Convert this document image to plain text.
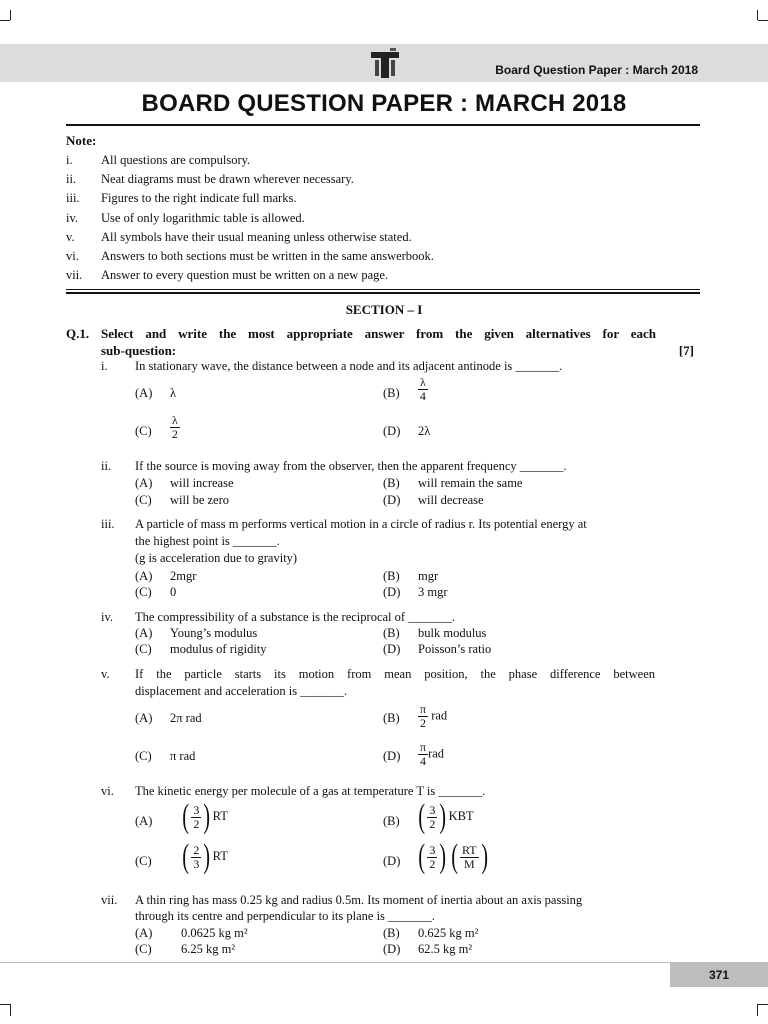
Board Question Paper : March 2018
BOARD QUESTION PAPER : MARCH 2018
Note:
i. All questions are compulsory.
ii. Neat diagrams must be drawn wherever necessary.
iii. Figures to the right indicate full marks.
iv. Use of only logarithmic table is allowed.
v. All symbols have their usual meaning unless otherwise stated.
vi. Answers to both sections must be written in the same answerbook.
vii. Answer to every question must be written on a new page.
SECTION – I
Q.1. Select and write the most appropriate answer from the given alternatives for each
sub-question:	[7]
i. In stationary wave, the distance between a node and its adjacent antinode is _______.
(A) λ	$(B) \frac{\lambda}{4}$
$(C) \frac{\lambda}{2}$	(D) 2λ
ii. If the source is moving away from the observer, then the apparent frequency _______.
(A) will increase	(B) will remain the same
(C) will be zero	(D) will decrease
iii. A particle of mass m performs vertical motion in a circle of radius r. Its potential energy at
the highest point is _______.
(g is acceleration due to gravity)
(A) 2mgr	(B) mgr
(C) 0	(D) 3 mgr
iv. The compressibility of a substance is the reciprocal of _______.
(A) Young’s modulus	(B) bulk modulus
(C) modulus of rigidity	(D) Poisson’s ratio
v. If the particle starts its motion from mean position, the phase difference between
displacement and acceleration is _______.
(A) 2π rad	$(B) \frac{\pi}{2}$ rad
(C) π rad	$(D) \frac{\pi}{4}$ rad
vi. The kinetic energy per molecule of a gas at temperature T is _______.
(A) ( $\frac{3}{2}$ ) RT	(B) ( $\frac{3}{2}$ ) KBT
(C) ( $\frac{2}{3}$ ) RT	(D) ( $\frac{3}{2}$ ) ( $\frac{RT}{M}$ )
vii. A thin ring has mass 0.25 kg and radius 0.5m. Its moment of inertia about an axis passing
through its centre and perpendicular to its plane is _______.
(A) 0.0625 kg m²	(B) 0.625 kg m²
(C) 6.25 kg m²	(D) 62.5 kg m²
371
